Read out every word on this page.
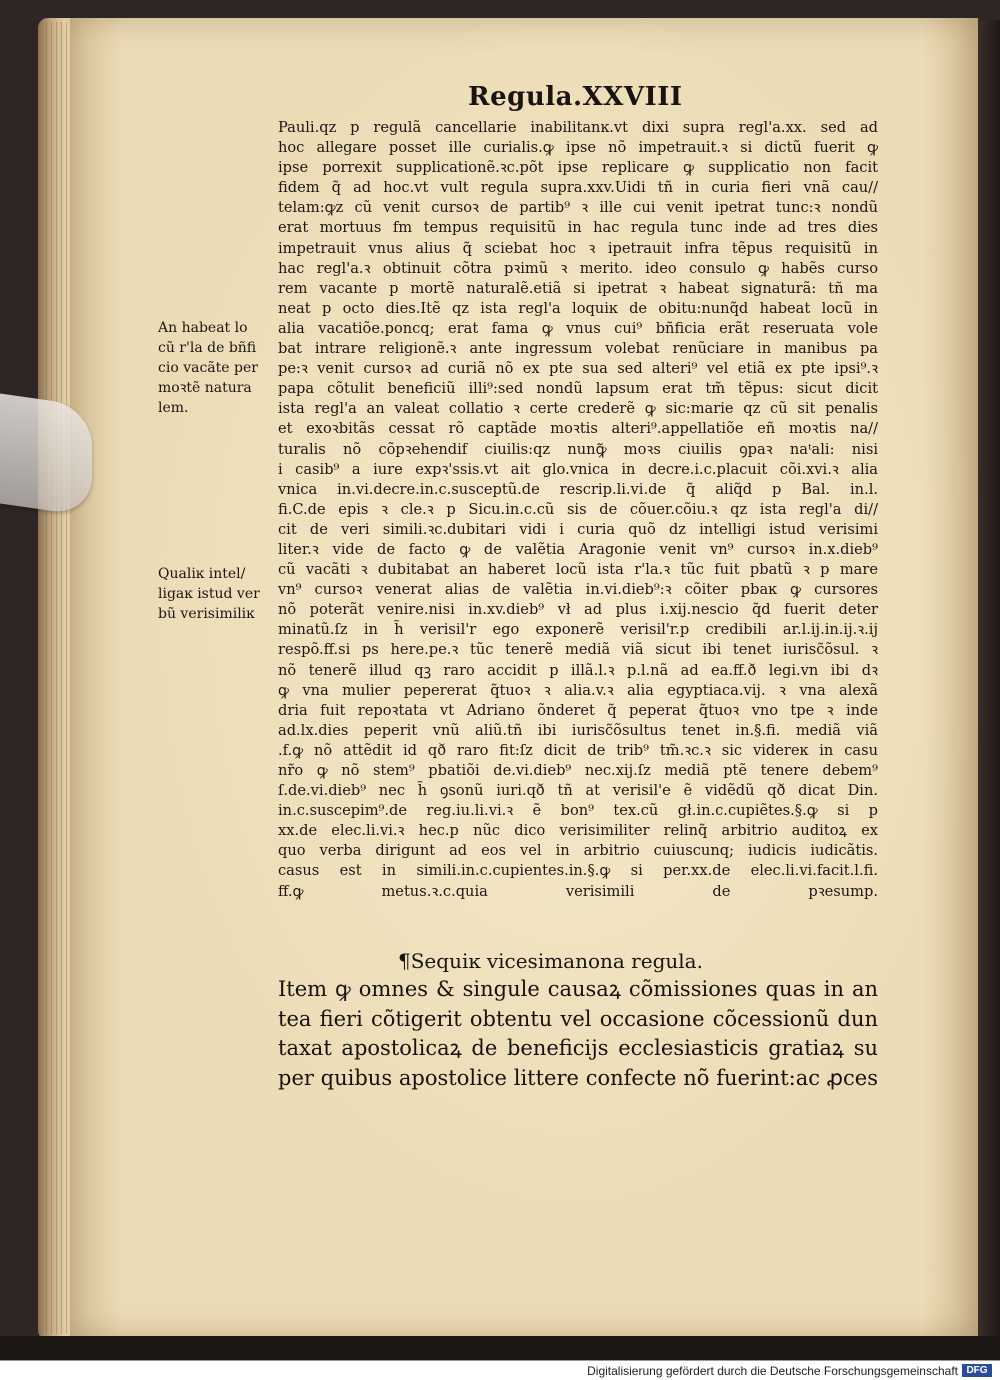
Regula.XXVIII
An habeat lo
cũ r'la de bñfi
cio vacãte per
moꝛtẽ natura
lem.
Qualiĸ intel/
ligaĸ istud ver
bũ verisimiliĸ
Pauli.qz p regulã cancellarie inabilitanĸ.vt dixi supra regl'a.xx. sed ad
hoc allegare posset ille curialis.ꝙ ipse nõ impetrauit.ꝛ si dictũ fuerit ꝙ
ipse porrexit supplicationẽ.ꝛc.põt ipse replicare ꝙ supplicatio non facit
fidem q̃ ad hoc.vt vult regula supra.xxv.Uidi tñ in curia fieri vnã cau//
telam:ꝙz cũ venit cursoꝛ de partib⁹ ꝛ ille cui venit ipetrat tunc:ꝛ nondũ
erat mortuus fm tempus requisitũ in hac regula tunc inde ad tres dies
impetrauit vnus alius q̃ sciebat hoc ꝛ ipetrauit infra tẽpus requisitũ in
hac regl'a.ꝛ obtinuit cõtra pꝛimũ ꝛ merito. ideo consulo ꝙ habẽs curso
rem vacante p mortẽ naturalẽ.etiã si ipetrat ꝛ habeat signaturã: tñ ma
neat p octo dies.Itẽ qz ista regl'a loquiĸ de obitu:nunq̃d habeat locũ in
alia vacatiõe.poncq; erat fama ꝙ vnus cui⁹ bñficia erãt reseruata vole
bat intrare religionẽ.ꝛ ante ingressum volebat renũciare in manibus pa
pe:ꝛ venit cursoꝛ ad curiã nõ ex pte sua sed alteri⁹ vel etiã ex pte ipsi⁹.ꝛ
papa cõtulit beneficiũ illi⁹:sed nondũ lapsum erat tm̃ tẽpus: sicut dicit
ista regl'a an valeat collatio ꝛ certe crederẽ ꝙ sic:marie qz cũ sit penalis
et exoꝛbitãs cessat rõ captãde moꝛtis alteri⁹.appellatiõe eñ moꝛtis na//
turalis nõ cõpꝛehendif ciuilis:qz nunꝙ̃ moꝛs ciuilis ꝯpaꝛ naᵗali: nisi
i casib⁹ a iure expꝛ'ssis.vt ait glo.vnica in decre.i.c.placuit cõi.xvi.ꝛ alia
vnica in.vi.decre.in.c.susceptũ.de rescrip.li.vi.de q̃ aliq̃d p Bal. in.l.
fi.C.de epis ꝛ cle.ꝛ p Sicu.in.c.cũ sis de cõuer.cõiu.ꝛ qz ista regl'a di//
cit de veri simili.ꝛc.dubitari vidi i curia quõ dz intelligi istud verisimi
liter.ꝛ vide de facto ꝙ de valẽtia Aragonie venit vn⁹ cursoꝛ in.x.dieb⁹
cũ vacãti ꝛ dubitabat an haberet locũ ista r'la.ꝛ tũc fuit pbatũ ꝛ p mare
vn⁹ cursoꝛ venerat alias de valẽtia in.vi.dieb⁹:ꝛ cõiter pbaĸ ꝙ cursores
nõ poterãt venire.nisi in.xv.dieb⁹ vł ad plus i.xij.nescio q̃d fuerit deter
minatũ.ſz in h̃ verisil'r ego exponerẽ verisil'r.p credibili ar.l.ij.in.ij.ꝛ.ij
respõ.ff.si ps here.pe.ꝛ tũc tenerẽ mediã viã sicut ibi tenet iurisc̃õsul. ꝛ
nõ tenerẽ illud qꝫ raro accidit p illã.l.ꝛ p.l.nã ad ea.ff.ð legi.vn ibi dꝛ
ꝙ vna mulier pepererat q̃tuoꝛ ꝛ alia.v.ꝛ alia egyptiaca.vij. ꝛ vna alexã
dria fuit repoꝛtata vt Adriano õnderet q̃ peperat q̃tuoꝛ vno tpe ꝛ inde
ad.lx.dies peperit vnũ aliũ.tñ ibi iurisc̃õsultus tenet in.§.fi. mediã viã
.f.ꝙ nõ attẽdit id qð raro fit:ſz dicit de trib⁹ tm̃.ꝛc.ꝛ sic videreĸ in casu
nr̃o ꝙ nõ stem⁹ pbatiõi de.vi.dieb⁹ nec.xij.ſz mediã ptẽ tenere debem⁹
ſ.de.vi.dieb⁹ nec h̃ ꝯsonũ iuri.qð tñ at verisil'e ẽ vidẽdũ qð dicat Din.
in.c.suscepim⁹.de reg.iu.li.vi.ꝛ ẽ bon⁹ tex.cũ gł.in.c.cupiẽtes.§.ꝙ si p
xx.de elec.li.vi.ꝛ hec.p nũc dico verisimiliter relinq̃ arbitrio auditoꝝ ex
quo verba dirigunt ad eos vel in arbitrio cuiuscunq; iudicis iudicãtis.
casus est in simili.in.c.cupientes.in.§.ꝙ si per.xx.de elec.li.vi.facit.l.fi.
ff.ꝙ metus.ꝛ.c.quia verisimili de pꝛesump.
¶Sequiĸ vicesimanona regula.
Item ꝙ omnes & singule causaꝝ cõmissiones quas in an
tea fieri cõtigerit obtentu vel occasione cõcessionũ dun
taxat apostolicaꝝ de beneficijs ecclesiasticis gratiaꝝ su
per quibus apostolice littere confecte nõ fuerint:ac ꝓces
Digitalisierung gefördert durch die Deutsche Forschungsgemeinschaft DFG
